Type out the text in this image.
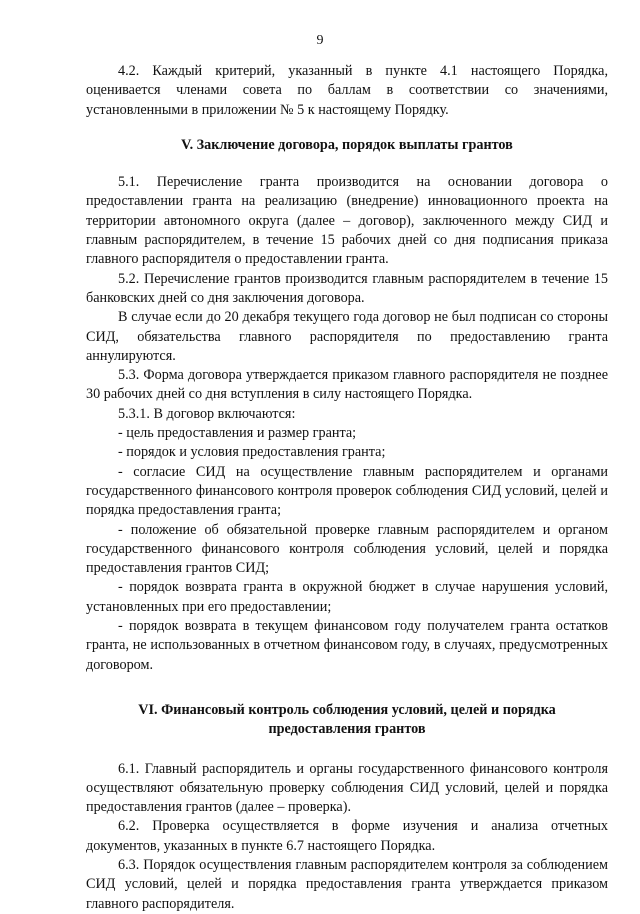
9

4.2. Каждый критерий, указанный в пункте 4.1 настоящего Порядка, оценивается членами совета по баллам в соответствии со значениями, установленными в приложении № 5 к настоящему Порядку.

V. Заключение договора, порядок выплаты грантов

5.1. Перечисление гранта производится на основании договора о предоставлении гранта на реализацию (внедрение) инновационного проекта на территории автономного округа (далее – договор), заключенного между СИД и главным распорядителем, в течение 15 рабочих дней со дня подписания приказа главного распорядителя о предоставлении гранта.

5.2. Перечисление грантов производится главным распорядителем в течение 15 банковских дней со дня заключения договора.

В случае если до 20 декабря текущего года договор не был подписан со стороны СИД, обязательства главного распорядителя по предоставлению гранта аннулируются.

5.3. Форма договора утверждается приказом главного распорядителя не позднее 30 рабочих дней со дня вступления в силу настоящего Порядка.

5.3.1. В договор включаются:

- цель предоставления и размер гранта;

- порядок и условия предоставления гранта;

- согласие СИД на осуществление главным распорядителем и органами государственного финансового контроля проверок соблюдения СИД условий, целей и порядка предоставления гранта;

- положение об обязательной проверке главным распорядителем и органом государственного финансового контроля соблюдения условий, целей и порядка предоставления грантов СИД;

- порядок возврата гранта в окружной бюджет в случае нарушения условий, установленных при его предоставлении;

- порядок возврата в текущем финансовом году получателем гранта остатков гранта, не использованных в отчетном финансовом году, в случаях, предусмотренных договором.

VI. Финансовый контроль соблюдения условий, целей и порядка предоставления грантов

6.1. Главный распорядитель и органы государственного финансового контроля осуществляют обязательную проверку соблюдения СИД условий, целей и порядка предоставления грантов (далее – проверка).

6.2. Проверка осуществляется в форме изучения и анализа отчетных документов, указанных в пункте 6.7 настоящего Порядка.

6.3. Порядок осуществления главным распорядителем контроля за соблюдением СИД условий, целей и порядка предоставления гранта утверждается приказом главного распорядителя.
